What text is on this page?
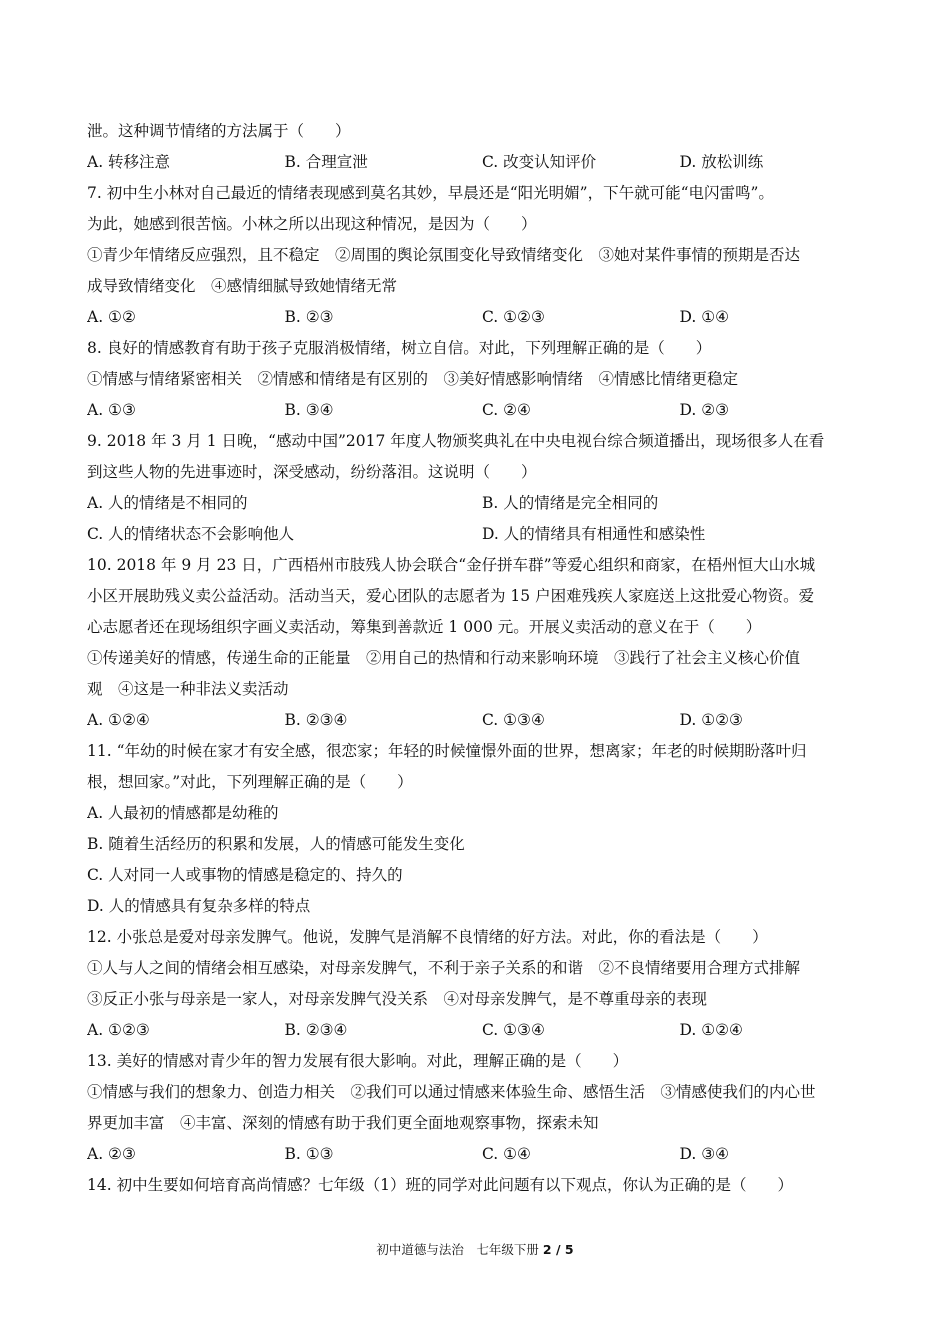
泄。这种调节情绪的方法属于（　　）
A. 转移注意	B. 合理宣泄	C. 改变认知评价	D. 放松训练
7. 初中生小林对自己最近的情绪表现感到莫名其妙，早晨还是“阳光明媚”，下午就可能“电闪雷鸣”。
为此，她感到很苦恼。小林之所以出现这种情况，是因为（　　）
①青少年情绪反应强烈，且不稳定　②周围的舆论氛围变化导致情绪变化　③她对某件事情的预期是否达
成导致情绪变化　④感情细腻导致她情绪无常
A. ①②	B. ②③	C. ①②③	D. ①④
8. 良好的情感教育有助于孩子克服消极情绪，树立自信。对此，下列理解正确的是（　　）
①情感与情绪紧密相关　②情感和情绪是有区别的　③美好情感影响情绪　④情感比情绪更稳定
A. ①③	B. ③④	C. ②④	D. ②③
9. 2018 年 3 月 1 日晚，“感动中国”2017 年度人物颁奖典礼在中央电视台综合频道播出，现场很多人在看
到这些人物的先进事迹时，深受感动，纷纷落泪。这说明（　　）
A. 人的情绪是不相同的	B. 人的情绪是完全相同的
C. 人的情绪状态不会影响他人	D. 人的情绪具有相通性和感染性
10. 2018 年 9 月 23 日，广西梧州市肢残人协会联合“金仔拼车群”等爱心组织和商家，在梧州恒大山水城
小区开展助残义卖公益活动。活动当天，爱心团队的志愿者为 15 户困难残疾人家庭送上这批爱心物资。爱
心志愿者还在现场组织字画义卖活动，筹集到善款近 1 000 元。开展义卖活动的意义在于（　　）
①传递美好的情感，传递生命的正能量　②用自己的热情和行动来影响环境　③践行了社会主义核心价值
观　④这是一种非法义卖活动
A. ①②④	B. ②③④	C. ①③④	D. ①②③
11. “年幼的时候在家才有安全感，很恋家；年轻的时候憧憬外面的世界，想离家；年老的时候期盼落叶归
根，想回家。”对此，下列理解正确的是（　　）
A. 人最初的情感都是幼稚的
B. 随着生活经历的积累和发展，人的情感可能发生变化
C. 人对同一人或事物的情感是稳定的、持久的
D. 人的情感具有复杂多样的特点
12. 小张总是爱对母亲发脾气。他说，发脾气是消解不良情绪的好方法。对此，你的看法是（　　）
①人与人之间的情绪会相互感染，对母亲发脾气，不利于亲子关系的和谐　②不良情绪要用合理方式排解
③反正小张与母亲是一家人，对母亲发脾气没关系　④对母亲发脾气，是不尊重母亲的表现
A. ①②③	B. ②③④	C. ①③④	D. ①②④
13. 美好的情感对青少年的智力发展有很大影响。对此，理解正确的是（　　）
①情感与我们的想象力、创造力相关　②我们可以通过情感来体验生命、感悟生活　③情感使我们的内心世
界更加丰富　④丰富、深刻的情感有助于我们更全面地观察事物，探索未知
A. ②③	B. ①③	C. ①④	D. ③④
14. 初中生要如何培育高尚情感？七年级（1）班的同学对此问题有以下观点，你认为正确的是（　　）
初中道德与法治　七年级下册 2 / 5
